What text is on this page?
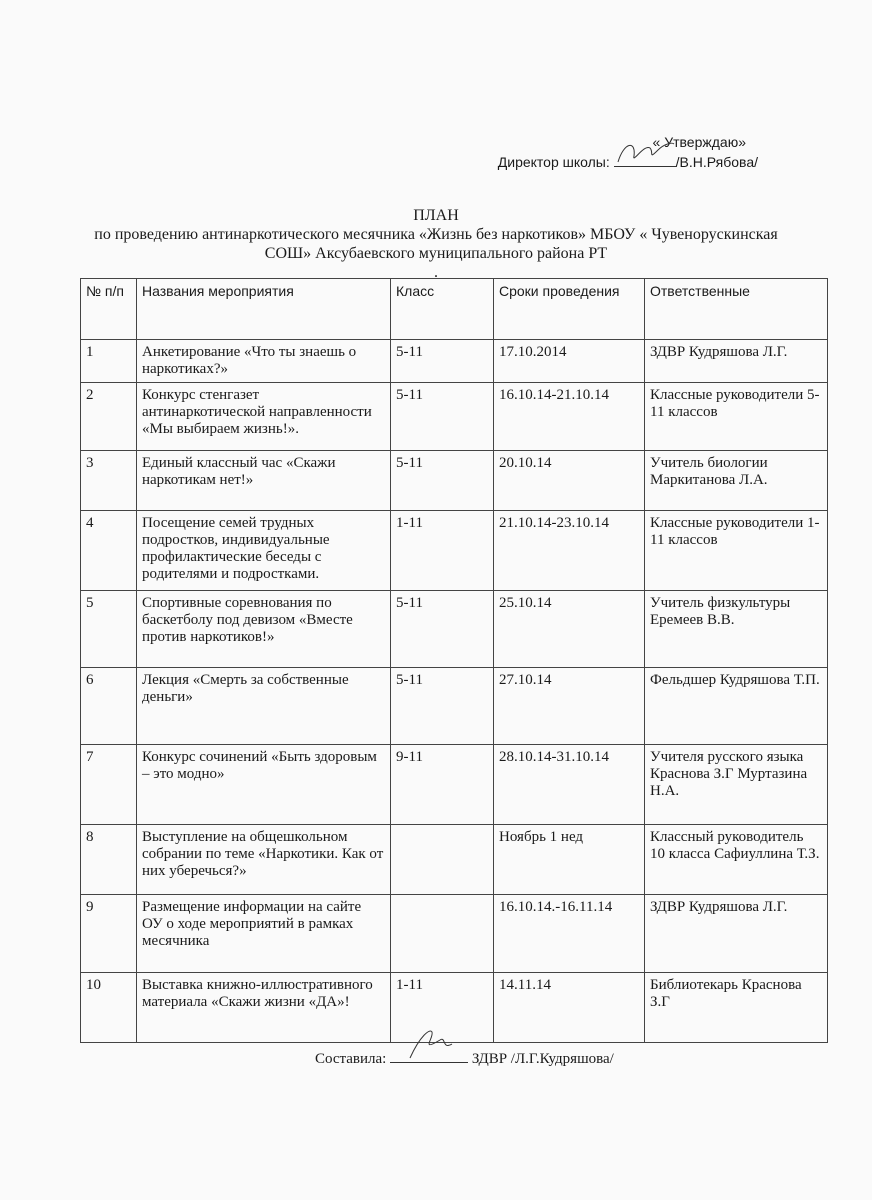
« Утверждаю»
Директор школы:	/В.Н.Рябова/
ПЛАН
по проведению антинаркотического месячника «Жизнь без наркотиков» МБОУ « Чувенорускинская
СОШ» Аксубаевского муниципального района РТ
.
№ п/п	Названия мероприятия	Класс	Сроки проведения	Ответственные
1	Анкетирование «Что ты знаешь о наркотиках?»	5-11	17.10.2014	ЗДВР Кудряшова Л.Г.
2	Конкурс стенгазет антинаркотической направленности «Мы выбираем жизнь!».	5-11	16.10.14-21.10.14	Классные руководители 5-11 классов
3	Единый классный час «Скажи наркотикам нет!»	5-11	20.10.14	Учитель биологии Маркитанова Л.А.
4	Посещение семей трудных подростков, индивидуальные профилактические беседы с родителями и подростками.	1-11	21.10.14-23.10.14	Классные руководители 1-11 классов
5	Спортивные соревнования по баскетболу под девизом «Вместе против наркотиков!»	5-11	25.10.14	Учитель физкультуры Еремеев В.В.
6	Лекция «Смерть за собственные деньги»	5-11	27.10.14	Фельдшер Кудряшова Т.П.
7	Конкурс сочинений «Быть здоровым – это модно»	9-11	28.10.14-31.10.14	Учителя русского языка Краснова З.Г Муртазина Н.А.
8	Выступление на общешкольном собрании по теме «Наркотики. Как от них уберечься?»		Ноябрь 1 нед	Классный руководитель 10 класса Сафиуллина Т.З.
9	Размещение информации на сайте ОУ о ходе мероприятий в рамках месячника		16.10.14.-16.11.14	ЗДВР Кудряшова Л.Г.
10	Выставка книжно-иллюстративного материала «Скажи жизни «ДА»!	1-11	14.11.14	Библиотекарь Краснова З.Г
Составила:	ЗДВР /Л.Г.Кудряшова/
